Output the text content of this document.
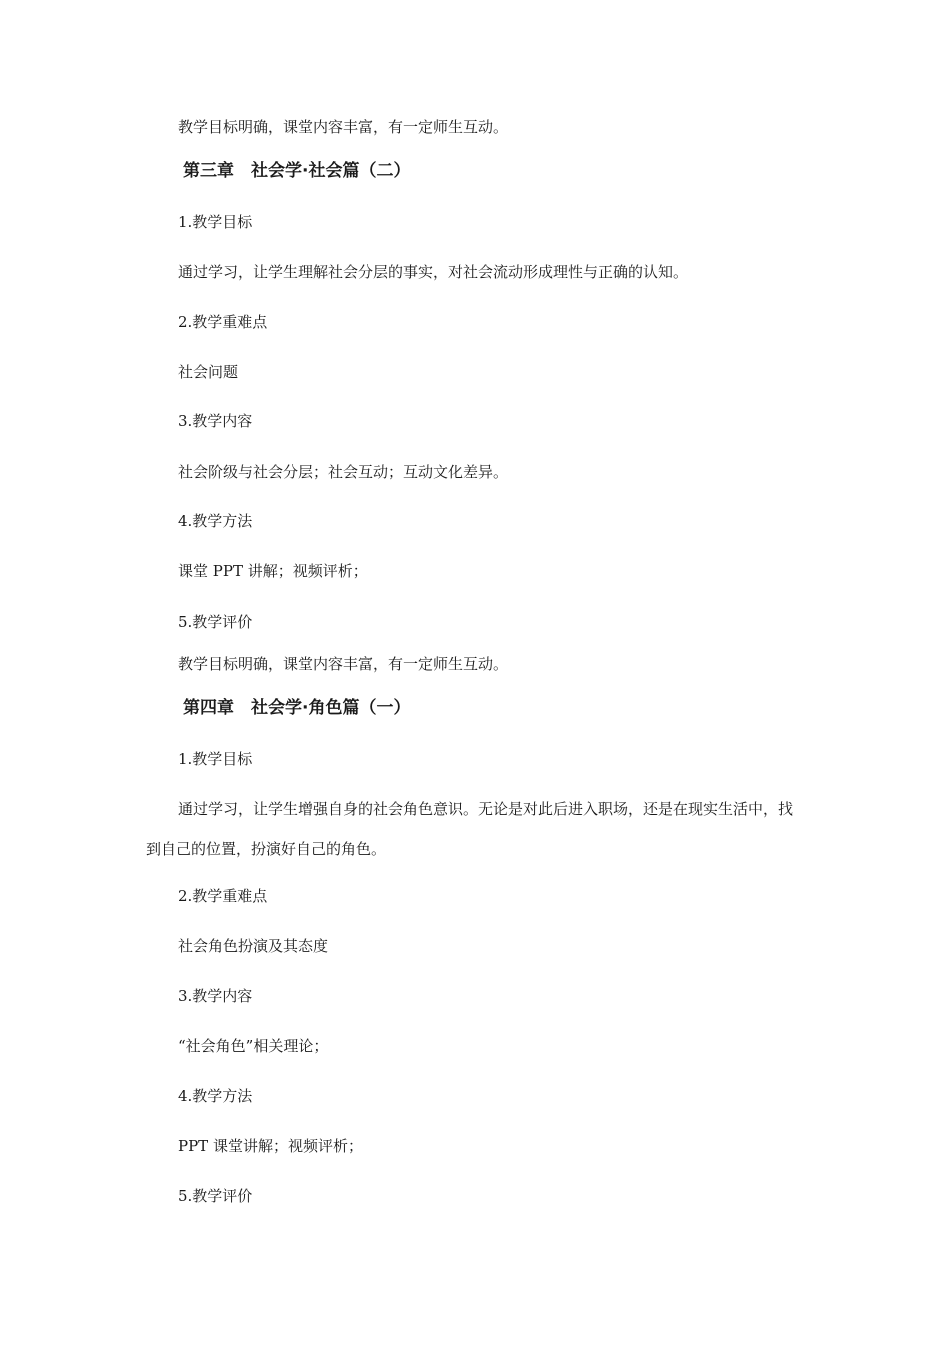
教学目标明确，课堂内容丰富，有一定师生互动。
第三章　社会学·社会篇（二）
1.教学目标
通过学习，让学生理解社会分层的事实，对社会流动形成理性与正确的认知。
2.教学重难点
社会问题
3.教学内容
社会阶级与社会分层；社会互动；互动文化差异。
4.教学方法
课堂 PPT 讲解；视频评析；
5.教学评价
教学目标明确，课堂内容丰富，有一定师生互动。
第四章　社会学·角色篇（一）
1.教学目标
通过学习，让学生增强自身的社会角色意识。无论是对此后进入职场，还是在现实生活中，找到自己的位置，扮演好自己的角色。
2.教学重难点
社会角色扮演及其态度
3.教学内容
“社会角色”相关理论；
4.教学方法
PPT 课堂讲解；视频评析；
5.教学评价
